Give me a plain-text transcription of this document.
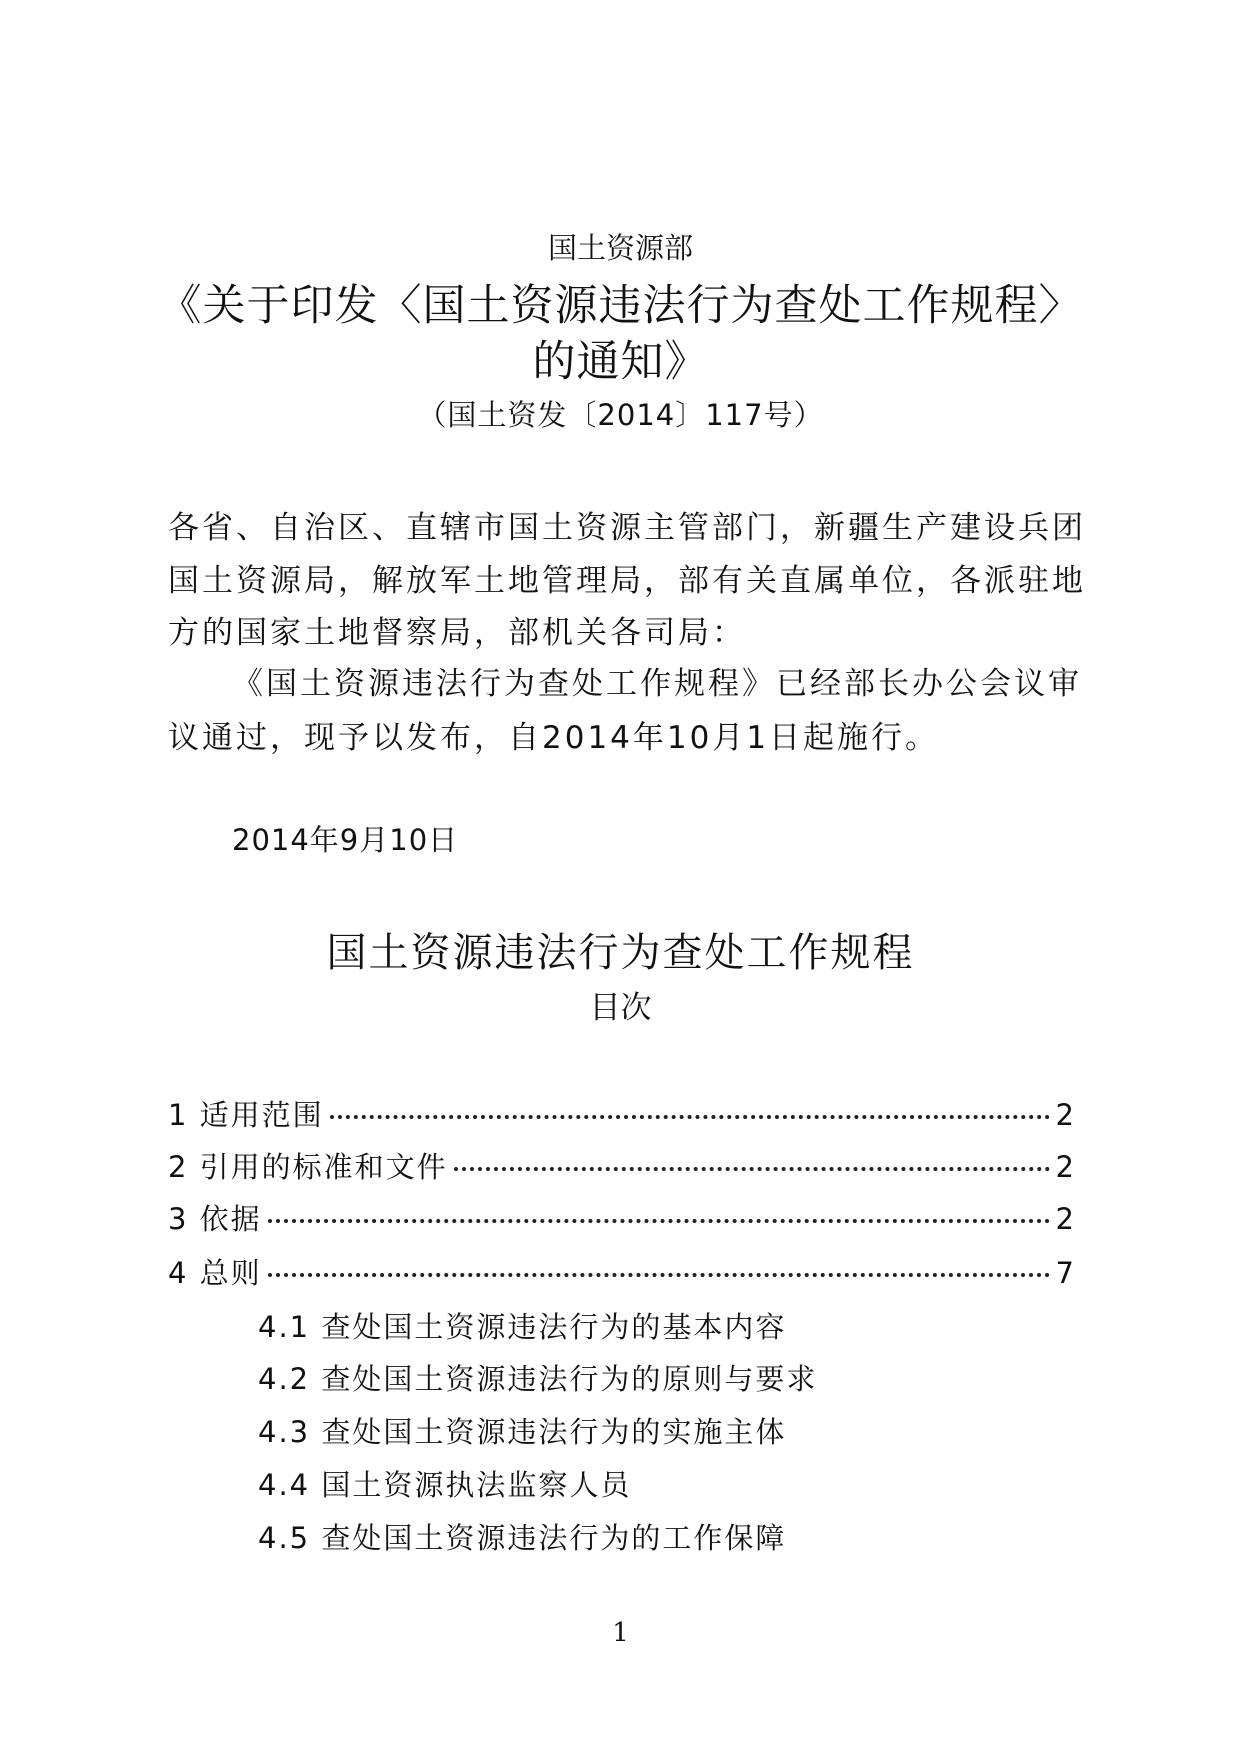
国土资源部
《关于印发〈国土资源违法行为查处工作规程〉
的通知》
（国土资发〔2014〕117号）
各省、自治区、直辖市国土资源主管部门，新疆生产建设兵团
国土资源局，解放军土地管理局，部有关直属单位，各派驻地
方的国家土地督察局，部机关各司局：
《国土资源违法行为查处工作规程》已经部长办公会议审
议通过，现予以发布，自2014年10月1日起施行。
2014年9月10日
国土资源违法行为查处工作规程
目次
1 适用范围	2
2 引用的标准和文件	2
3 依据	2
4 总则	7
4.1 查处国土资源违法行为的基本内容
4.2 查处国土资源违法行为的原则与要求
4.3 查处国土资源违法行为的实施主体
4.4 国土资源执法监察人员
4.5 查处国土资源违法行为的工作保障
1
